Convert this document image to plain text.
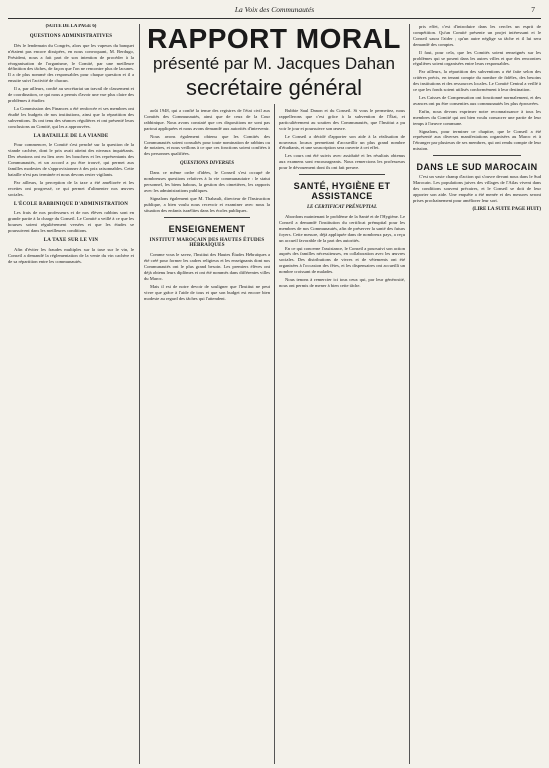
La Voix des Communautés	7

(SUITE DE LA PAGE 6)

QUESTIONS ADMINISTRATIVES

Dès le lendemain du Congrès, alors que les vapeurs du banquet n'étaient pas encore dissipées, en nous convoquant, M. Berdugo, Président, nous a fait part de son intention de procéder à la réorganisation de l'organisme, le Comité, par une meilleure définition des tâches, de façon que l'on ne rencontre plus de lacunes. Il a de plus nommé des responsables pour chaque question et il a ensuite suivi l'activité de chacun.

Il a, par ailleurs, confié au secrétariat un travail de classement et de coordination, ce qui nous a permis d'avoir une vue plus claire des problèmes à étudier.

La Commission des Finances a été renforcée et ses membres ont étudié les budgets de nos institutions, ainsi que la répartition des subventions. Ils ont tenu des séances régulières et ont présenté leurs conclusions au Comité, qui les a approuvées.

LA BATAILLE DE LA VIANDE

Pour commencer, le Comité s'est penché sur la question de la viande cachère, dont le prix avait atteint des niveaux inquiétants. Des réunions ont eu lieu avec les bouchers et les représentants des Communautés, et un accord a pu être trouvé, qui permet aux familles modestes de s'approvisionner à des prix raisonnables. Cette bataille n'est pas terminée et nous devons rester vigilants.

Par ailleurs, la perception de la taxe a été améliorée et les recettes ont progressé, ce qui permet d'alimenter nos œuvres sociales.

L'ÉCOLE RABBINIQUE D'ADMINISTRATION

Les frais de nos professeurs et de nos élèves rabbins sont en grande partie à la charge du Conseil. Le Comité a veillé à ce que les bourses soient régulièrement versées et que les études se poursuivent dans les meilleures conditions.

LA TAXE SUR LE VIN

Afin d'éviter les fraudes multiples sur la taxe sur le vin, le Conseil a demandé la réglementation de la vente du vin cachère et de sa répartition entre les communautés.

août 1948, qui a confié la tenue des registres de l'état civil aux Comités des Communautés, ainsi que de ceux de la Cour rabbinique. Nous avons constaté que ces dispositions ne sont pas partout appliquées et nous avons demandé aux autorités d'intervenir.

Nous avons également obtenu que les Comités des Communautés soient consultés pour toute nomination de rabbins ou de notaires, et nous veillons à ce que ces fonctions soient confiées à des personnes qualifiées.

QUESTIONS DIVERSES

Dans ce même ordre d'idées, le Conseil s'est occupé de nombreuses questions relatives à la vie communautaire : le statut personnel, les biens habous, la gestion des cimetières, les rapports avec les administrations publiques.

Signalons également que M. Thabault, directeur de l'Instruction publique, a bien voulu nous recevoir et examiner avec nous la situation des enfants israélites dans les écoles publiques.

ENSEIGNEMENT
INSTITUT MAROCAIN DES HAUTES ÉTUDES HÉBRAÏQUES

Comme vous le savez, l'Institut des Hautes Études Hébraïques a été créé pour former les cadres religieux et les enseignants dont nos Communautés ont le plus grand besoin. Les premiers élèves ont déjà obtenu leurs diplômes et ont été nommés dans différentes villes du Maroc.

Mais il est de notre devoir de souligner que l'Institut ne peut vivre que grâce à l'aide de tous et que son budget est encore bien modeste au regard des tâches qui l'attendent.

Bubbie Saul Danon et du Conseil. Si vous le permettez, nous rappellerons que c'est grâce à la subvention de l'État, et particulièrement au soutien des Communautés, que l'Institut a pu voir le jour et poursuivre son œuvre.

Le Conseil a décidé d'apporter son aide à la réalisation de nouveaux locaux permettant d'accueillir un plus grand nombre d'étudiants, et une souscription sera ouverte à cet effet.

Les cours ont été suivis avec assiduité et les résultats obtenus aux examens sont encourageants. Nous remercions les professeurs pour le dévouement dont ils ont fait preuve.

SANTÉ, HYGIÈNE ET ASSISTANCE
LE CERTIFICAT PRÉNUPTIAL

Abordons maintenant le problème de la Santé et de l'Hygiène. Le Conseil a demandé l'institution du certificat prénuptial pour les membres de nos Communautés, afin de préserver la santé des futurs foyers. Cette mesure, déjà appliquée dans de nombreux pays, a reçu un accueil favorable de la part des autorités.

En ce qui concerne l'assistance, le Conseil a poursuivi son action auprès des familles nécessiteuses, en collaboration avec les œuvres sociales. Des distributions de vivres et de vêtements ont été organisées à l'occasion des fêtes, et les dispensaires ont accueilli un nombre croissant de malades.

Nous tenons à remercier ici tous ceux qui, par leur générosité, nous ont permis de mener à bien cette tâche.

pris effet, c'est d'introduire dans les cercles un esprit de compétition. Qu'un Comité présente un projet intéressant et le Conseil saura l'aider ; qu'un autre néglige sa tâche et il lui sera demandé des comptes.

Il faut, pour cela, que les Comités soient renseignés sur les problèmes qui se posent dans les autres villes et que des rencontres régulières soient organisées entre leurs responsables.

Par ailleurs, la répartition des subventions a été faite selon des critères précis, en tenant compte du nombre de fidèles, des besoins des institutions et des ressources locales. Le Comité Central a veillé à ce que les fonds soient utilisés conformément à leur destination.

Les Caisses de Compensation ont fonctionné normalement, et des avances ont pu être consenties aux communautés les plus éprouvées.

Enfin, nous devons exprimer notre reconnaissance à tous les membres du Comité qui ont bien voulu consacrer une partie de leur temps à l'œuvre commune.

Signalons, pour terminer ce chapitre, que le Conseil a été représenté aux diverses manifestations organisées au Maroc et à l'étranger par plusieurs de ses membres, qui ont rendu compte de leur mission.

DANS LE SUD MAROCAIN

C'est un vaste champ d'action qui s'ouvre devant nous dans le Sud Marocain. Les populations juives des villages de l'Atlas vivent dans des conditions souvent précaires, et le Conseil se doit de leur apporter son aide. Une enquête a été menée et des mesures seront prises prochainement pour améliorer leur sort.

(LIRE LA SUITE PAGE HUIT)
RAPPORT MORAL
présenté par M. Jacques Dahan
secrétaire général
